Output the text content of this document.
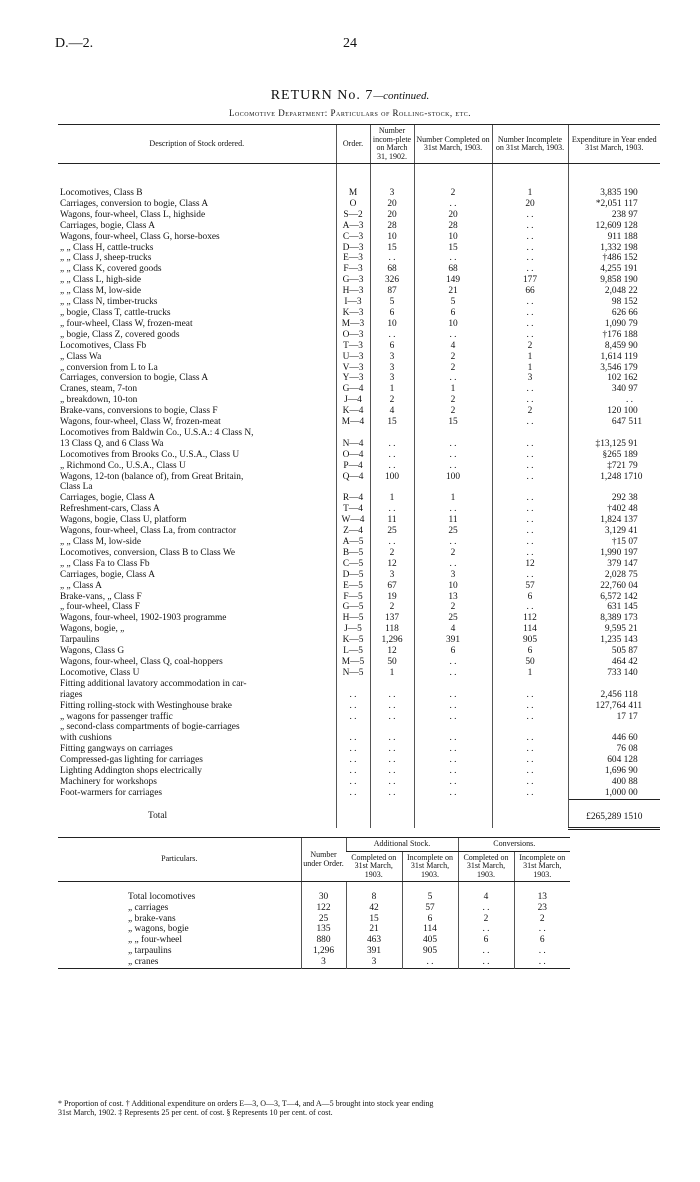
D.—2.	24
RETURN No. 7—continued.
Locomotive Department: Particulars of Rolling-stock, etc.
Description of Stock ordered.	Order.	Number incom-plete on March 31, 1902.	Number Completed on 31st March, 1903.	Number Incomplete on 31st March, 1903.	Expenditure in Year ended 31st March, 1903.
Locomotives, Class B	M	3	2	1	3,835 190
Carriages, conversion to bogie, Class A	O	20	. .	20	*2,051 117
Wagons, four-wheel, Class L, highside	S—2	20	20	. .	238 97
Carriages, bogie, Class A	A—3	28	28	. .	12,609 128
Wagons, four-wheel, Class G, horse-boxes	C—3	10	10	. .	911 188
„ „ Class H, cattle-trucks	D—3	15	15	. .	1,332 198
„ „ Class J, sheep-trucks	E—3	. .	. .	. .	†486 152
„ „ Class K, covered goods	F—3	68	68	. .	4,255 191
„ „ Class L, high-side	G—3	326	149	177	9,858 190
„ „ Class M, low-side	H—3	87	21	66	2,048 22
„ „ Class N, timber-trucks	I—3	5	5	. .	98 152
„ bogie, Class T, cattle-trucks	K—3	6	6	. .	626 66
„ four-wheel, Class W, frozen-meat	M—3	10	10	. .	1,090 79
„ bogie, Class Z, covered goods	O—3	. .	. .	. .	†176 188
Locomotives, Class Fb	T—3	6	4	2	8,459 90
„ Class Wa	U—3	3	2	1	1,614 119
„ conversion from L to La	V—3	3	2	1	3,546 179
Carriages, conversion to bogie, Class A	Y—3	3	. .	3	102 162
Cranes, steam, 7-ton	G—4	1	1	. .	340 97
„ breakdown, 10-ton	J—4	2	2	. .	. .
Brake-vans, conversions to bogie, Class F	K—4	4	2	2	120 100
Wagons, four-wheel, Class W, frozen-meat	M—4	15	15	. .	647 511
Locomotives from Baldwin Co., U.S.A.: 4 Class N,					
13 Class Q, and 6 Class Wa	N—4	. .	. .	. .	‡13,125 91
Locomotives from Brooks Co., U.S.A., Class U	O—4	. .	. .	. .	§265 189
„ Richmond Co., U.S.A., Class U	P—4	. .	. .	. .	‡721 79
Wagons, 12-ton (balance of), from Great Britain,	Q—4	100	100	. .	1,248 1710
Class La					
Carriages, bogie, Class A	R—4	1	1	. .	292 38
Refreshment-cars, Class A	T—4	. .	. .	. .	†402 48
Wagons, bogie, Class U, platform	W—4	11	11	. .	1,824 137
Wagons, four-wheel, Class La, from contractor	Z—4	25	25	. .	3,129 41
„ „ Class M, low-side	A—5	. .	. .	. .	†15 07
Locomotives, conversion, Class B to Class We	B—5	2	2	. .	1,990 197
„ „ Class Fa to Class Fb	C—5	12	. .	12	379 147
Carriages, bogie, Class A	D—5	3	3	. .	2,028 75
„ „ Class A	E—5	67	10	57	22,760 04
Brake-vans, „ Class F	F—5	19	13	6	6,572 142
„ four-wheel, Class F	G—5	2	2	. .	631 145
Wagons, four-wheel, 1902-1903 programme	H—5	137	25	112	8,389 173
Wagons, bogie, „	J—5	118	4	114	9,595 21
Tarpaulins	K—5	1,296	391	905	1,235 143
Wagons, Class G	L—5	12	6	6	505 87
Wagons, four-wheel, Class Q, coal-hoppers	M—5	50	. .	50	464 42
Locomotive, Class U	N—5	1	. .	1	733 140
Fitting additional lavatory accommodation in car-					
riages	. .	. .	. .	. .	2,456 118
Fitting rolling-stock with Westinghouse brake	. .	. .	. .	. .	127,764 411
„ wagons for passenger traffic	. .	. .	. .	. .	17 17
„ second-class compartments of bogie-carriages					
with cushions	. .	. .	. .	. .	446 60
Fitting gangways on carriages	. .	. .	. .	. .	76 08
Compressed-gas lighting for carriages	. .	. .	. .	. .	604 128
Lighting Addington shops electrically	. .	. .	. .	. .	1,696 90
Machinery for workshops	. .	. .	. .	. .	400 88
Foot-warmers for carriages	. .	. .	. .	. .	1,000 00
Total					£265,289 1510
Particulars.	Number under Order.	Additional Stock.		Conversions.	
		Completed on 31st March, 1903.	Incomplete on 31st March, 1903.	Completed on 31st March, 1903.	Incomplete on 31st March, 1903.
Total locomotives	30	8	5	4	13
„ carriages	122	42	57	. .	23
„ brake-vans	25	15	6	2	2
„ wagons, bogie	135	21	114	. .	. .
„ „ four-wheel	880	463	405	6	6
„ tarpaulins	1,296	391	905	. .	. .
„ cranes	3	3	. .	. .	. .
* Proportion of cost. † Additional expenditure on orders E—3, O—3, T—4, and A—5 brought into stock year ending
31st March, 1902. ‡ Represents 25 per cent. of cost. § Represents 10 per cent. of cost.
